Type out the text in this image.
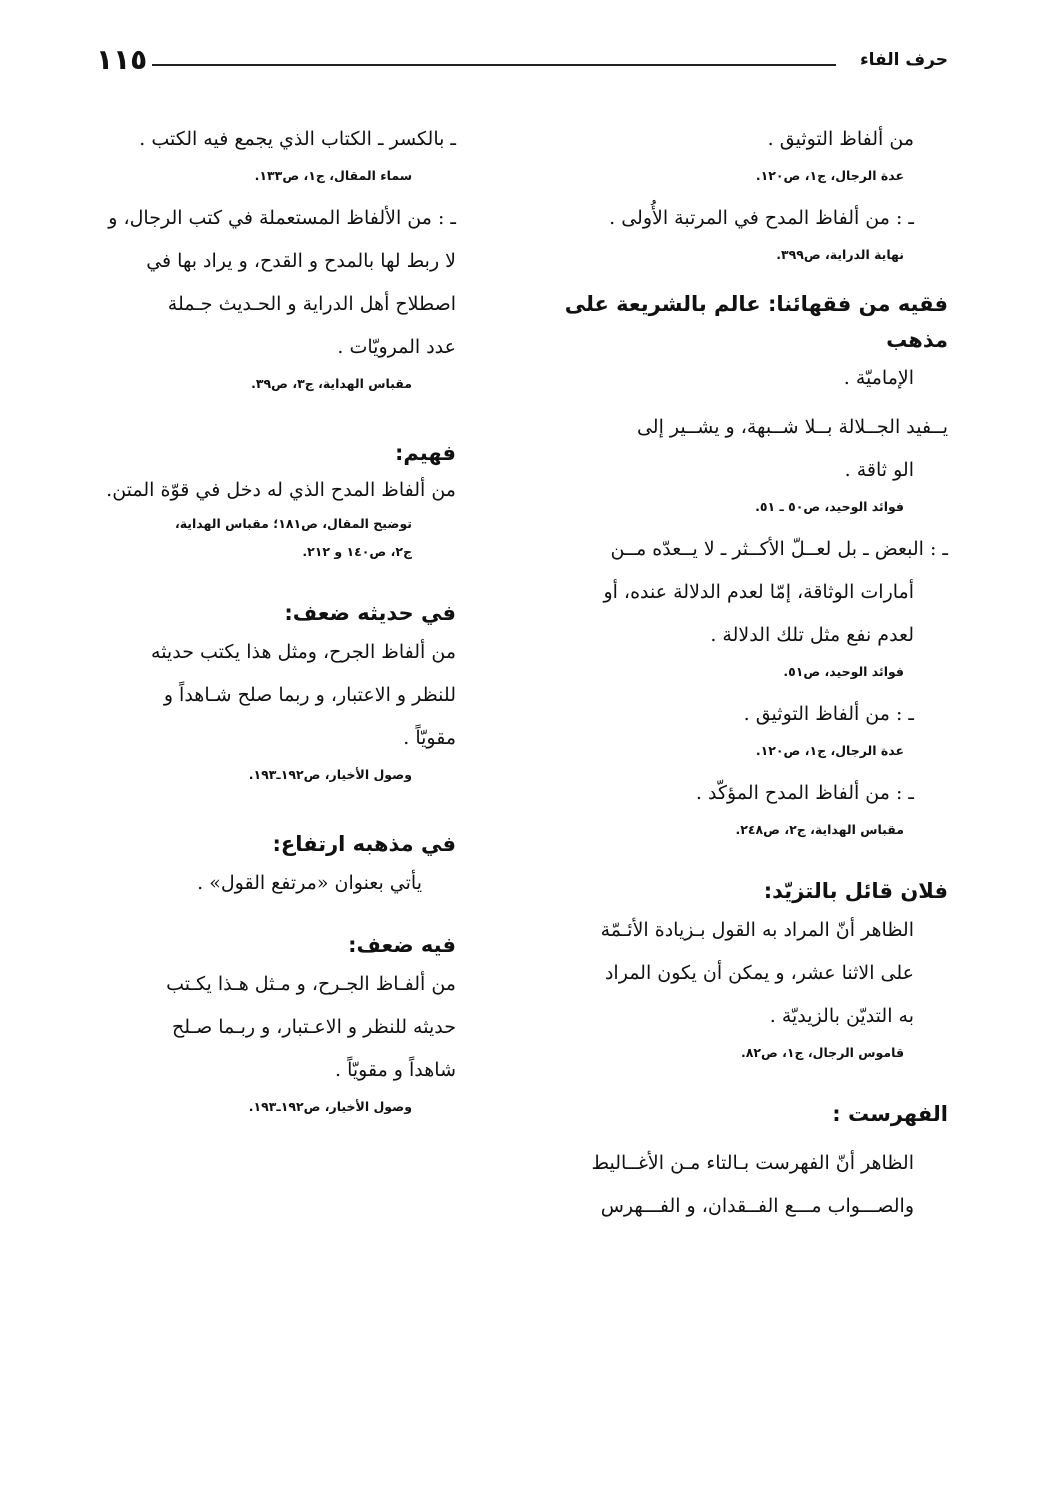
١١٥	حرف الفاء

من ألفاظ التوثيق .

عدة الرجال، ج١، ص١٢٠.

ـ : من ألفاظ المدح في المرتبة الأُولى .

نهاية الدراية، ص٣٩٩.

فقيه من فقهائنا: عالم بالشريعة على مذهب

الإماميّة .

يــفيد الجــلالة بــلا شــبهة، و يشــير إلى

الو ثاقة .

فوائد الوحيد، ص٥٠ ـ ٥١.

ـ : البعض ـ بل لعــلّ الأكــثر ـ لا يــعدّه مــن

أمارات الوثاقة، إمّا لعدم الدلالة عنده، أو

لعدم نفع مثل تلك الدلالة .

فوائد الوحيد، ص٥١.

ـ : من ألفاظ التوثيق .

عدة الرجال، ج١، ص١٢٠.

ـ : من ألفاظ المدح المؤكّد .

مقباس الهداية، ج٢، ص٢٤٨.

فلان قائل بالتزيّد:

الظاهر أنّ المراد به القول بـزيادة الأئـمّة

على الاثنا عشر، و يمكن أن يكون المراد

به التديّن بالزيديّة .

قاموس الرجال، ج١، ص٨٢.

الفهرست :

الظاهر أنّ الفهرست بـالتاء مـن الأغــاليط

والصـــواب مـــع الفــقدان، و الفـــهرس

ـ بالكسر ـ الكتاب الذي يجمع فيه الكتب .

سماء المقال، ج١، ص١٣٣.

ـ : من الألفاظ المستعملة في كتب الرجال، و

لا ربط لها بالمدح و القدح، و يراد بها في

اصطلاح أهل الدراية و الحـديث جـملة

عدد المرويّات .

مقباس الهداية، ج٣، ص٣٩.

فهيم:

من ألفاظ المدح الذي له دخل في قوّة المتن.

توضيح المقال، ص١٨١؛ مقباس الهداية،

ج٢، ص١٤٠ و ٢١٢.

في حديثه ضعف:

من ألفاظ الجرح، ومثل هذا يكتب حديثه

للنظر و الاعتبار، و ربما صلح شـاهداً و

مقويّاً .

وصول الأخيار، ص١٩٢ـ١٩٣.

في مذهبه ارتفاع:

يأتي بعنوان «مرتفع القول» .

فيه ضعف:

من ألفـاظ الجـرح، و مـثل هـذا يكـتب

حديثه للنظر و الاعـتبار، و ربـما صـلح

شاهداً و مقويّاً .

وصول الأخيار، ص١٩٢ـ١٩٣.
